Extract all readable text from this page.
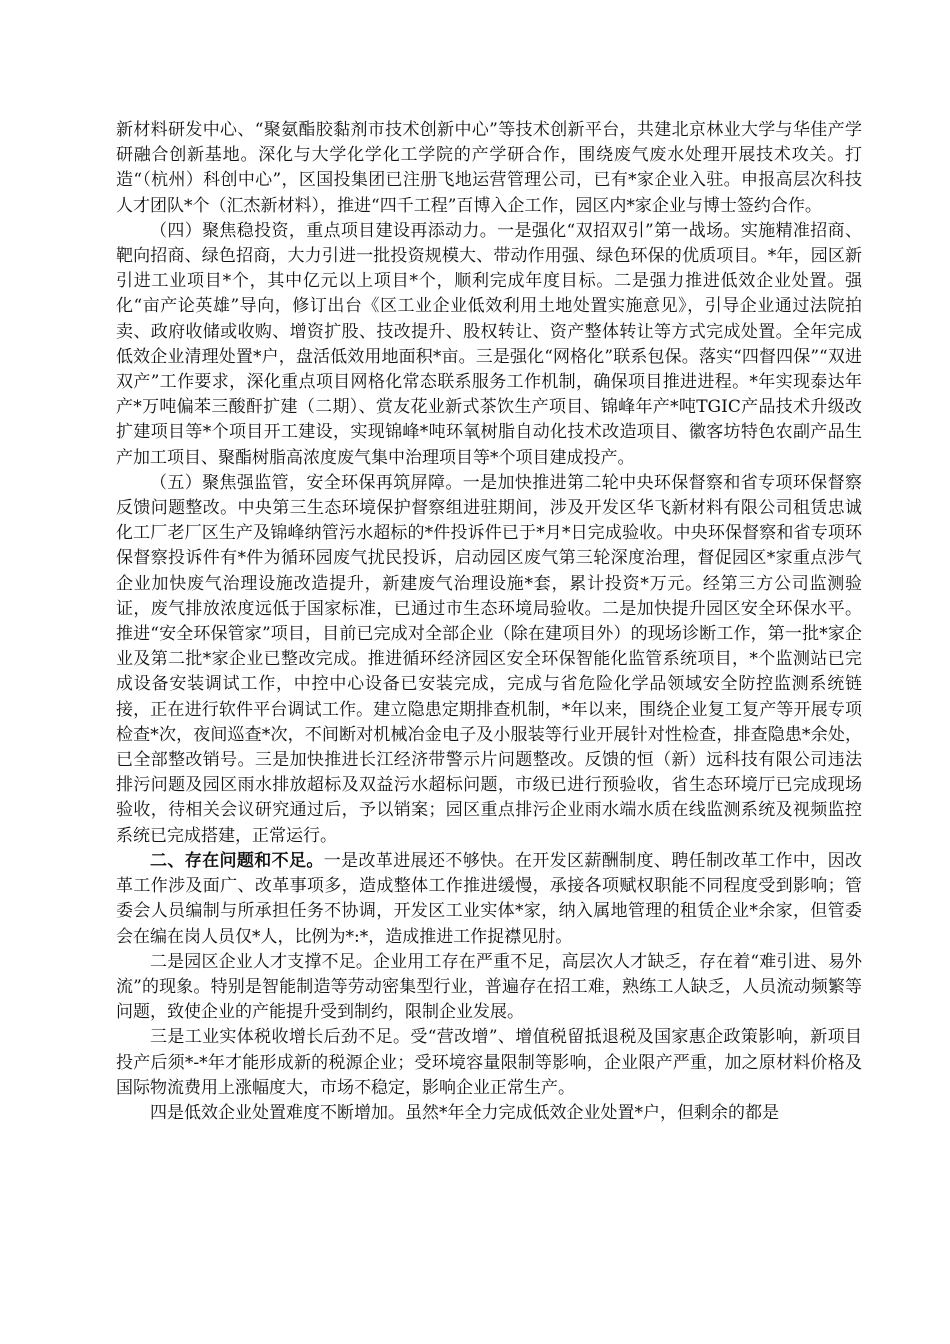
新材料研发中心、“聚氨酯胶黏剂市技术创新中心”等技术创新平台，共建北京林业大学与华佳产学研融合创新基地。深化与大学化学化工学院的产学研合作，围绕废气废水处理开展技术攻关。打造“（杭州）科创中心”，区国投集团已注册飞地运营管理公司，已有*家企业入驻。申报高层次科技人才团队*个（汇杰新材料），推进“四千工程”百博入企工作，园区内*家企业与博士签约合作。

（四）聚焦稳投资，重点项目建设再添动力。一是强化“双招双引”第一战场。实施精准招商、靶向招商、绿色招商，大力引进一批投资规模大、带动作用强、绿色环保的优质项目。*年，园区新引进工业项目*个，其中亿元以上项目*个，顺利完成年度目标。二是强力推进低效企业处置。强化“亩产论英雄”导向，修订出台《区工业企业低效利用土地处置实施意见》，引导企业通过法院拍卖、政府收储或收购、增资扩股、技改提升、股权转让、资产整体转让等方式完成处置。全年完成低效企业清理处置*户，盘活低效用地面积*亩。三是强化“网格化”联系包保。落实“四督四保”“双进双产”工作要求，深化重点项目网格化常态联系服务工作机制，确保项目推进进程。*年实现泰达年产*万吨偏苯三酸酐扩建（二期）、赏友花业新式茶饮生产项目、锦峰年产*吨TGIC产品技术升级改扩建项目等*个项目开工建设，实现锦峰*吨环氧树脂自动化技术改造项目、徽客坊特色农副产品生产加工项目、聚酯树脂高浓度废气集中治理项目等*个项目建成投产。

（五）聚焦强监管，安全环保再筑屏障。一是加快推进第二轮中央环保督察和省专项环保督察反馈问题整改。中央第三生态环境保护督察组进驻期间，涉及开发区华飞新材料有限公司租赁忠诚化工厂老厂区生产及锦峰纳管污水超标的*件投诉件已于*月*日完成验收。中央环保督察和省专项环保督察投诉件有*件为循环园废气扰民投诉，启动园区废气第三轮深度治理，督促园区*家重点涉气企业加快废气治理设施改造提升，新建废气治理设施*套，累计投资*万元。经第三方公司监测验证，废气排放浓度远低于国家标准，已通过市生态环境局验收。二是加快提升园区安全环保水平。推进“安全环保管家”项目，目前已完成对全部企业（除在建项目外）的现场诊断工作，第一批*家企业及第二批*家企业已整改完成。推进循环经济园区安全环保智能化监管系统项目，*个监测站已完成设备安装调试工作，中控中心设备已安装完成，完成与省危险化学品领域安全防控监测系统链接，正在进行软件平台调试工作。建立隐患定期排查机制，*年以来，围绕企业复工复产等开展专项检查*次，夜间巡查*次，不间断对机械冶金电子及小服装等行业开展针对性检查，排查隐患*余处，已全部整改销号。三是加快推进长江经济带警示片问题整改。反馈的恒（新）远科技有限公司违法排污问题及园区雨水排放超标及双益污水超标问题，市级已进行预验收，省生态环境厅已完成现场验收，待相关会议研究通过后，予以销案；园区重点排污企业雨水端水质在线监测系统及视频监控系统已完成搭建，正常运行。

二、存在问题和不足。一是改革进展还不够快。在开发区薪酬制度、聘任制改革工作中，因改革工作涉及面广、改革事项多，造成整体工作推进缓慢，承接各项赋权职能不同程度受到影响；管委会人员编制与所承担任务不协调，开发区工业实体*家，纳入属地管理的租赁企业*余家，但管委会在编在岗人员仅*人，比例为*:*，造成推进工作捉襟见肘。

二是园区企业人才支撑不足。企业用工存在严重不足，高层次人才缺乏，存在着“难引进、易外流”的现象。特别是智能制造等劳动密集型行业，普遍存在招工难，熟练工人缺乏，人员流动频繁等问题，致使企业的产能提升受到制约，限制企业发展。

三是工业实体税收增长后劲不足。受“营改增”、增值税留抵退税及国家惠企政策影响，新项目投产后须*-*年才能形成新的税源企业；受环境容量限制等影响，企业限产严重，加之原材料价格及国际物流费用上涨幅度大，市场不稳定，影响企业正常生产。

四是低效企业处置难度不断增加。虽然*年全力完成低效企业处置*户，但剩余的都是
